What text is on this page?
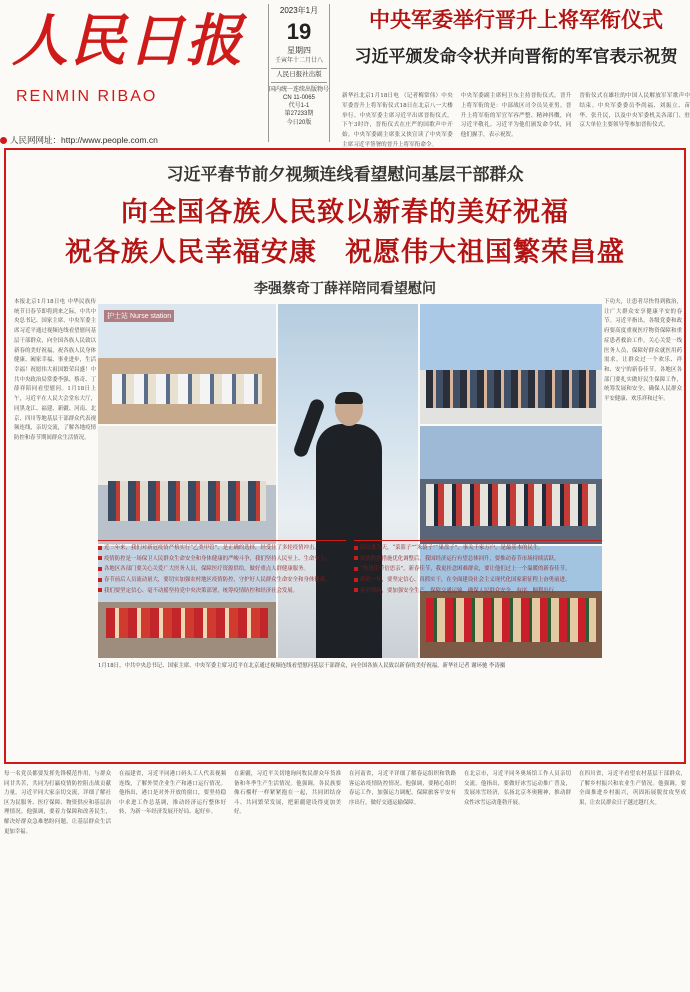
人民日报
RENMIN RIBAO
人民网网址：http://www.people.com.cn
2023年1月
19
星期四
壬寅年十二月廿八
人民日报社出版
国内统一连续出版物号
CN 11-0065
代号1-1
第27233期
今日20版
中央军委举行晋升上将军衔仪式
习近平颁发命令状并向晋衔的军官表示祝贺

新华社北京1月18日电 （记者梅常伟）中央军委晋升上将军衔仪式18日在北京八一大楼举行。中央军委主席习近平出席晋衔仪式。下午3时许，晋衔仪式在庄严的国歌声中开始。中央军委副主席张又侠宣读了中央军委主席习近平签署的晋升上将军衔命令。

中央军委副主席何卫东主持晋衔仪式。晋升上将军衔的是：中部战区司令员吴亚男。晋升上将军衔的军官军容严整、精神抖擞，向习近平敬礼。习近平为他们颁发命令状，同他们握手，表示祝贺。

晋衔仪式在雄壮的中国人民解放军军歌声中结束。中央军委委员李尚福、刘振立、苗华、张升民，以及中央军委机关各部门、驻京大单位主要领导等参加晋衔仪式。

习近平春节前夕视频连线看望慰问基层干部群众
向全国各族人民致以新春的美好祝福
祝各族人民幸福安康　祝愿伟大祖国繁荣昌盛
李强蔡奇丁薛祥陪同看望慰问

本报北京1月18日电 中华民族传统节日春节即将到来之际，中共中央总书记、国家主席、中央军委主席习近平通过视频连线看望慰问基层干部群众，向全国各族人民致以新春的美好祝福，祝各族人民身体健康、阖家幸福、事业进步，生活幸福！祝愿伟大祖国繁荣昌盛！中共中央政治局常委李强、蔡奇、丁薛祥陪同看望慰问。1月18日上午，习近平在人民大会堂东大厅，同黑龙江、福建、新疆、河南、北京、四川等地基层干部群众代表视频连线，亲切交流，了解各地疫情防控和春节期间群众生活情况。

护士站 Nurse station
1月18日，中共中央总书记、国家主席、中央军委主席习近平在北京通过视频连线看望慰问基层干部群众，向全国各族人民致以新春的美好祝福。新华社记者 谢环驰 李涛摄

近三年来，我们对新冠疫情严格实行“乙类甲管”，是正确的选择，经受住了多轮疫情冲击。

疫情防控是一场保卫人民群众生命安全和身体健康的严峻斗争，我们坚持人民至上、生命至上。

各地区各部门要关心关爱广大医务人员，保障医疗资源供给，做好重点人群健康服务。

春节前后人员流动量大，要切实加强农村地区疫情防控，守护好人民群众生命安全和身体健康。

我们要坚定信心、毫不动摇坚持党中央决策部署，统筹疫情防控和经济社会发展。

民以食为天，“菜篮子”“米袋子”“果盘子”，事关千家万户，是最基本的民生。

疫情防控措施优化调整后，我国经济运行有望总体回升，要推动春节市场持续活跃。

“每逢佳节倍思亲”，新春佳节，我更挂念困难群众，要让他们过上一个温暖的新春佳节。

新的一年，要坚定信心、真抓实干，在全面建设社会主义现代化国家新征程上奋勇前进。

春节期间，要加强安全生产，保障交通运输，确保人民群众安全、有序、顺利出行。

下功夫，让患者尽快得到救治，让广大群众安享健康平安的春节。习近平指出，各级党委和政府要高度重视医疗物资保障和重症患者救治工作，关心关爱一线医务人员，保障好群众就医用药需求，让群众过一个欢乐、祥和、安宁的新春佳节。各地区各部门要扎实做好民生保障工作，统筹发展和安全，确保人民群众平安健康、欢乐祥和过年。

每一名党员都要发挥先锋模范作用，与群众同甘共苦，共同为打赢疫情防控阻击战贡献力量。习近平同大家亲切交流，详细了解社区为民服务、医疗保障、物资供应和基层治理情况。他强调，要着力保障和改善民生，解决好群众急难愁盼问题，让基层群众生活更加幸福。

在福建省，习近平同港口码头工人代表视频连线，了解外贸企业生产和港口运行情况。他指出，港口是对外开放的窗口，要坚持稳中求进工作总基调，推动经济运行整体好转，为新一年经济发展开好局、起好步。

在新疆，习近平关切地询问牧民群众年货准备和冬季生产生活情况。他强调，各民族要像石榴籽一样紧紧抱在一起，共同团结奋斗、共同繁荣发展，把新疆建设得更加美好。

在河南省，习近平详细了解春运组织和铁路客运站疫情防控情况。他强调，要精心组织春运工作，加强运力调配，保障旅客平安有序出行，做好交通运输保障。

在北京市，习近平同冬奥场馆工作人员亲切交流。他指出，要做好冰雪运动推广普及，发展冰雪经济，弘扬北京冬奥精神，推动群众性冰雪运动蓬勃开展。

在四川省，习近平看望农村基层干部群众，了解乡村振兴和农业生产情况。他强调，要全面推进乡村振兴，巩固拓展脱贫攻坚成果，让农民群众日子越过越红火。
